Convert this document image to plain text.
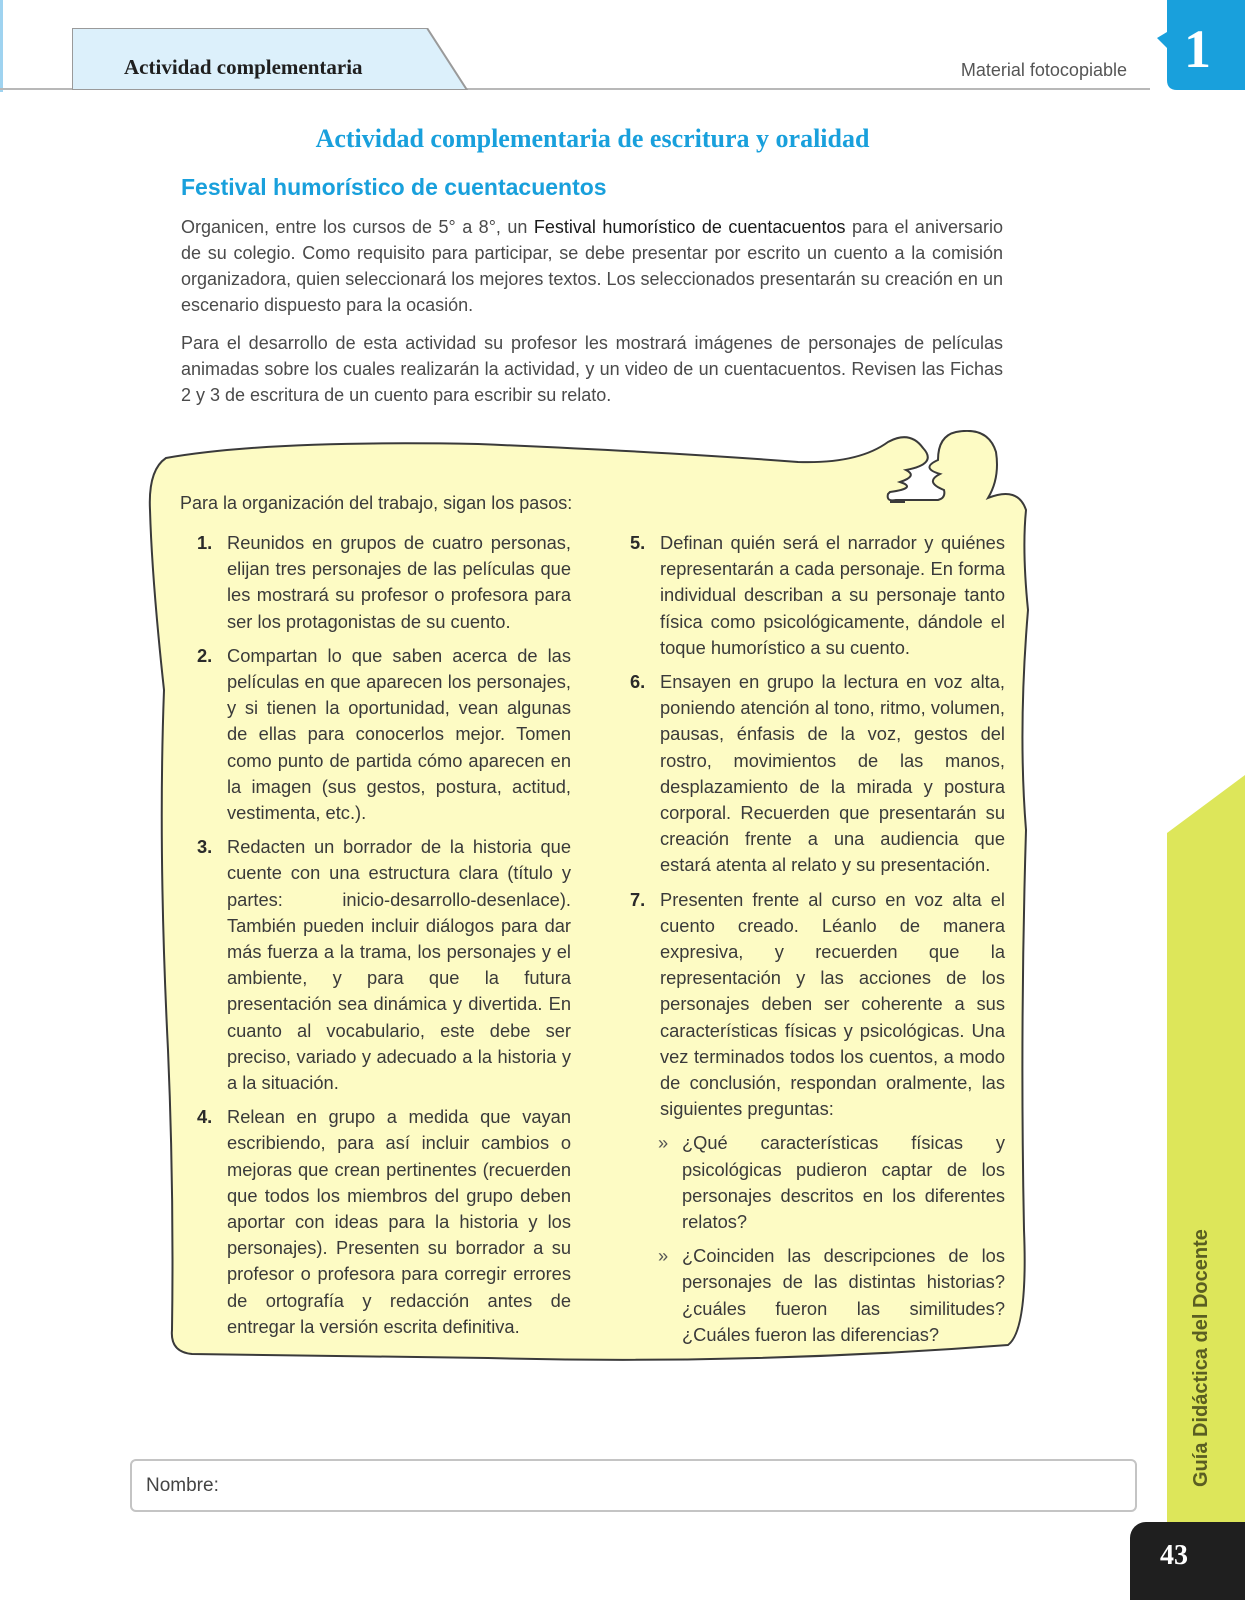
Actividad complementaria	Material fotocopiable 1
Actividad complementaria de escritura y oralidad
Festival humorístico de cuentacuentos

Organicen, entre los cursos de 5° a 8°, un Festival humorístico de cuentacuentos para el aniversario de su colegio. Como requisito para participar, se debe presentar por escrito un cuento a la comisión organizadora, quien seleccionará los mejores textos. Los seleccionados presentarán su creación en un escenario dispuesto para la ocasión.

Para el desarrollo de esta actividad su profesor les mostrará imágenes de personajes de películas animadas sobre los cuales realizarán la actividad, y un video de un cuentacuentos. Revisen las Fichas 2 y 3 de escritura de un cuento para escribir su relato.

Para la organización del trabajo, sigan los pasos:

1. Reunidos en grupos de cuatro personas, elijan tres personajes de las películas que les mostrará su profesor o profesora para ser los protagonistas de su cuento.
2. Compartan lo que saben acerca de las películas en que aparecen los personajes, y si tienen la oportunidad, vean algunas de ellas para conocerlos mejor. Tomen como punto de partida cómo aparecen en la imagen (sus gestos, postura, actitud, vestimenta, etc.).
3. Redacten un borrador de la historia que cuente con una estructura clara (título y partes: inicio-desarrollo-desenlace). También pueden incluir diálogos para dar más fuerza a la trama, los personajes y el ambiente, y para que la futura presentación sea dinámica y divertida. En cuanto al vocabulario, este debe ser preciso, variado y adecuado a la historia y a la situación.
4. Relean en grupo a medida que vayan escribiendo, para así incluir cambios o mejoras que crean pertinentes (recuerden que todos los miembros del grupo deben aportar con ideas para la historia y los personajes). Presenten su borrador a su profesor o profesora para corregir errores de ortografía y redacción antes de entregar la versión escrita definitiva.
5. Definan quién será el narrador y quiénes representarán a cada personaje. En forma individual describan a su personaje tanto física como psicológicamente, dándole el toque humorístico a su cuento.
6. Ensayen en grupo la lectura en voz alta, poniendo atención al tono, ritmo, volumen, pausas, énfasis de la voz, gestos del rostro, movimientos de las manos, desplazamiento de la mirada y postura corporal. Recuerden que presentarán su creación frente a una audiencia que estará atenta al relato y su presentación.
7. Presenten frente al curso en voz alta el cuento creado. Léanlo de manera expresiva, y recuerden que la representación y las acciones de los personajes deben ser coherente a sus características físicas y psicológicas. Una vez terminados todos los cuentos, a modo de conclusión, respondan oralmente, las siguientes preguntas:
» ¿Qué características físicas y psicológicas pudieron captar de los personajes descritos en los diferentes relatos?
» ¿Coinciden las descripciones de los personajes de las distintas historias? ¿cuáles fueron las similitudes? ¿Cuáles fueron las diferencias?
Nombre:	Guía Didáctica del Docente
43
